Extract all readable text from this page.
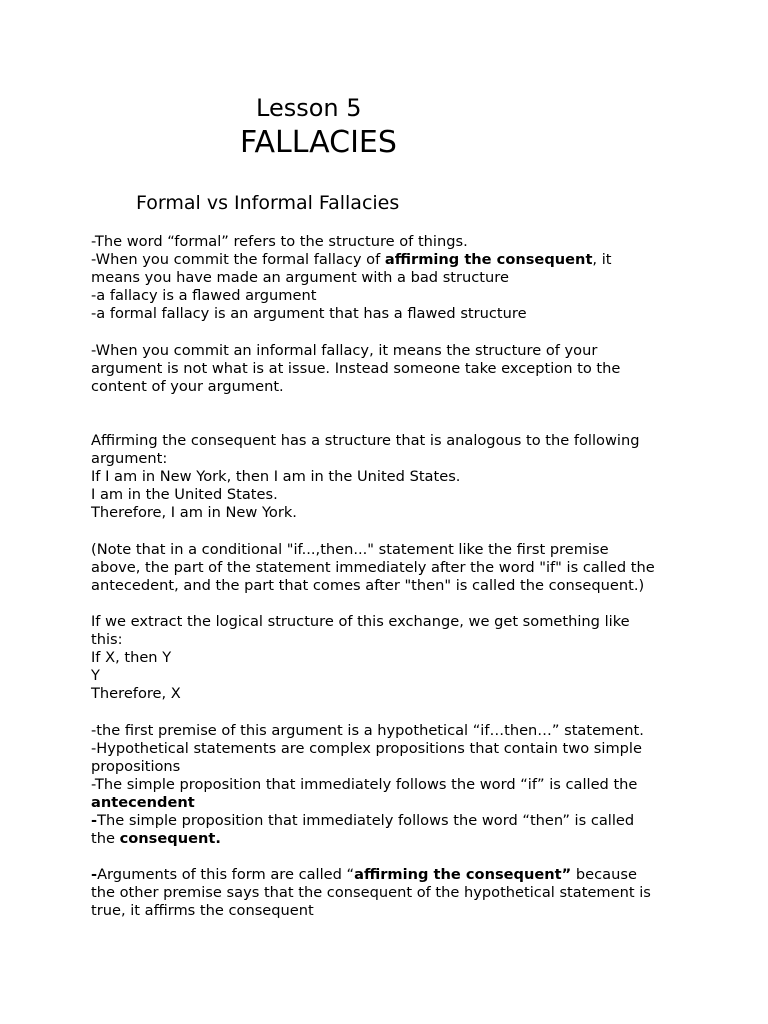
Lesson 5
FALLACIES
Formal vs Informal Fallacies
-The word “formal” refers to the structure of things.
-When you commit the formal fallacy of affirming the consequent, it
means you have made an argument with a bad structure
-a fallacy is a flawed argument
-a formal fallacy is an argument that has a flawed structure
-When you commit an informal fallacy, it means the structure of your
argument is not what is at issue. Instead someone take exception to the
content of your argument.
Affirming the consequent has a structure that is analogous to the following
argument:
If I am in New York, then I am in the United States.
I am in the United States.
Therefore, I am in New York.
(Note that in a conditional "if...,then..." statement like the first premise
above, the part of the statement immediately after the word "if" is called the
antecedent, and the part that comes after "then" is called the consequent.)
If we extract the logical structure of this exchange, we get something like
this:
If X, then Y
Y
Therefore, X
-the first premise of this argument is a hypothetical “if…then…” statement.
-Hypothetical statements are complex propositions that contain two simple
propositions
-The simple proposition that immediately follows the word “if” is called the
antecendent
-The simple proposition that immediately follows the word “then” is called
the consequent.
-Arguments of this form are called “affirming the consequent” because
the other premise says that the consequent of the hypothetical statement is
true, it affirms the consequent
